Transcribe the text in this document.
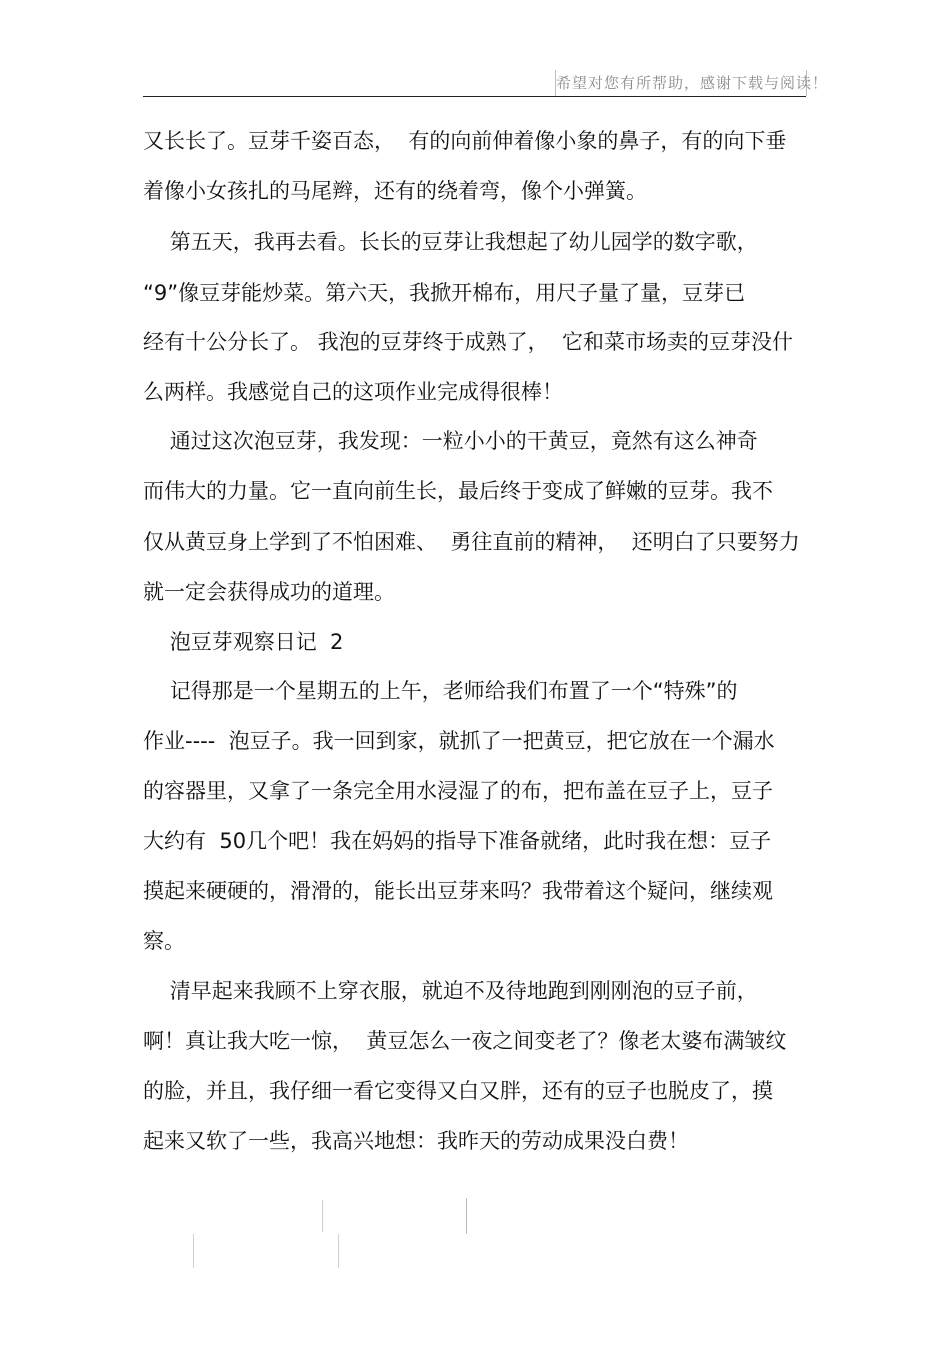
希望对您有所帮助，感谢下载与阅读！
又长长了。豆芽千姿百态，  有的向前伸着像小象的鼻子，有的向下垂
着像小女孩扎的马尾辫，还有的绕着弯，像个小弹簧。
第五天，我再去看。长长的豆芽让我想起了幼儿园学的数字歌，
“9”像豆芽能炒菜。第六天，我掀开棉布，用尺子量了量，豆芽已
经有十公分长了。 我泡的豆芽终于成熟了，  它和菜市场卖的豆芽没什
么两样。我感觉自己的这项作业完成得很棒！
通过这次泡豆芽，我发现：一粒小小的干黄豆，竟然有这么神奇
而伟大的力量。它一直向前生长，最后终于变成了鲜嫩的豆芽。我不
仅从黄豆身上学到了不怕困难、  勇往直前的精神，  还明白了只要努力
就一定会获得成功的道理。
泡豆芽观察日记  2
记得那是一个星期五的上午，老师给我们布置了一个“特殊”的
作业----  泡豆子。我一回到家，就抓了一把黄豆，把它放在一个漏水
的容器里，又拿了一条完全用水浸湿了的布，把布盖在豆子上，豆子
大约有  50几个吧！我在妈妈的指导下准备就绪，此时我在想：豆子
摸起来硬硬的，滑滑的，能长出豆芽来吗？我带着这个疑问，继续观
察。
清早起来我顾不上穿衣服，就迫不及待地跑到刚刚泡的豆子前，
啊！真让我大吃一惊，  黄豆怎么一夜之间变老了？像老太婆布满皱纹
的脸，并且，我仔细一看它变得又白又胖，还有的豆子也脱皮了，摸
起来又软了一些，我高兴地想：我昨天的劳动成果没白费！
